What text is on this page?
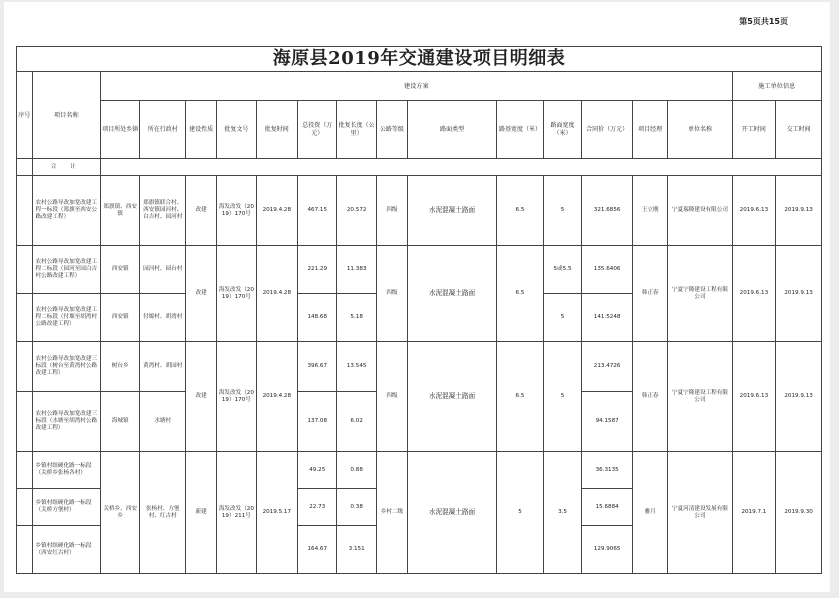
第5页共15页
海原县2019年交通建设项目明细表																	
序号	项目名称	建设方案														施工单位信息	
		项目所处乡镇	所在行政村	建设性质	批复文号	批复时间	总投资（万元）	批复长度（公里）	公路等级	路面类型	路基宽度（米）	路面宽度（米）	合同价（万元）	项目经理	单位名称	开工时间	交工时间
	合 计																
	农村公路导改加宽改建工程一标段（郑旗至西安公路改建工程）	郑旗镇、西安镇	郑旗镇联合村、西安镇园河村、白吉村、园河村	改建	海发改发（2019）170号	2019.4.28	467.15	20.572	四级	水泥混凝土路面	6.5	5	321.6856	王立刚	宁夏瑞隆建设有限公司	2019.6.13	2019.9.13
	农村公路导改加宽改建工程二标段（园河至园白吉村公路改建工程）	西安镇	园河村、园台村	改建	海发改发（2019）170号	2019.4.28	221.29	11.383	四级	水泥混凝土路面	6.5	5或5.5	135.6406	韩正春	宁夏宁隆建设工程有限公司	2019.6.13	2019.9.13
	农村公路导改加宽改建工程二标段（付塬至胡湾村公路改建工程）	西安镇	付塬村、胡湾村				148.68	5.18				5	141.5248				
	农村公路导改加宽改建三标段（树台至黄湾村公路改建工程）	树台乡	黄湾村、胡园村	改建	海发改发（2019）170号	2019.4.28	396.67	13.545	四级	水泥混凝土路面	6.5	5	213.4726	韩正春	宁夏宁隆建设工程有限公司	2019.6.13	2019.9.13
	农村公路导改加宽改建三标段（水塘至胡湾村公路改建工程）	海城镇	水塘村				137.08	6.02					94.1587				
	乡镇村组硬化路一标段（关桥乡张杨各村）	关桥乡、西安乡	张杨村、方堡村、红古村	新建	海发改发（2019）211号	2019.5.17	49.25	0.88	乡村二级	水泥混凝土路面	5	3.5	36.3135	雅月	宁夏河清建设发展有限公司	2019.7.1	2019.9.30
	乡镇村组硬化路一标段（关桥方堡村）						22.73	0.38					15.6884				
	乡镇村组硬化路一标段（西安红古村）						164.67	3.151					129.9065				
